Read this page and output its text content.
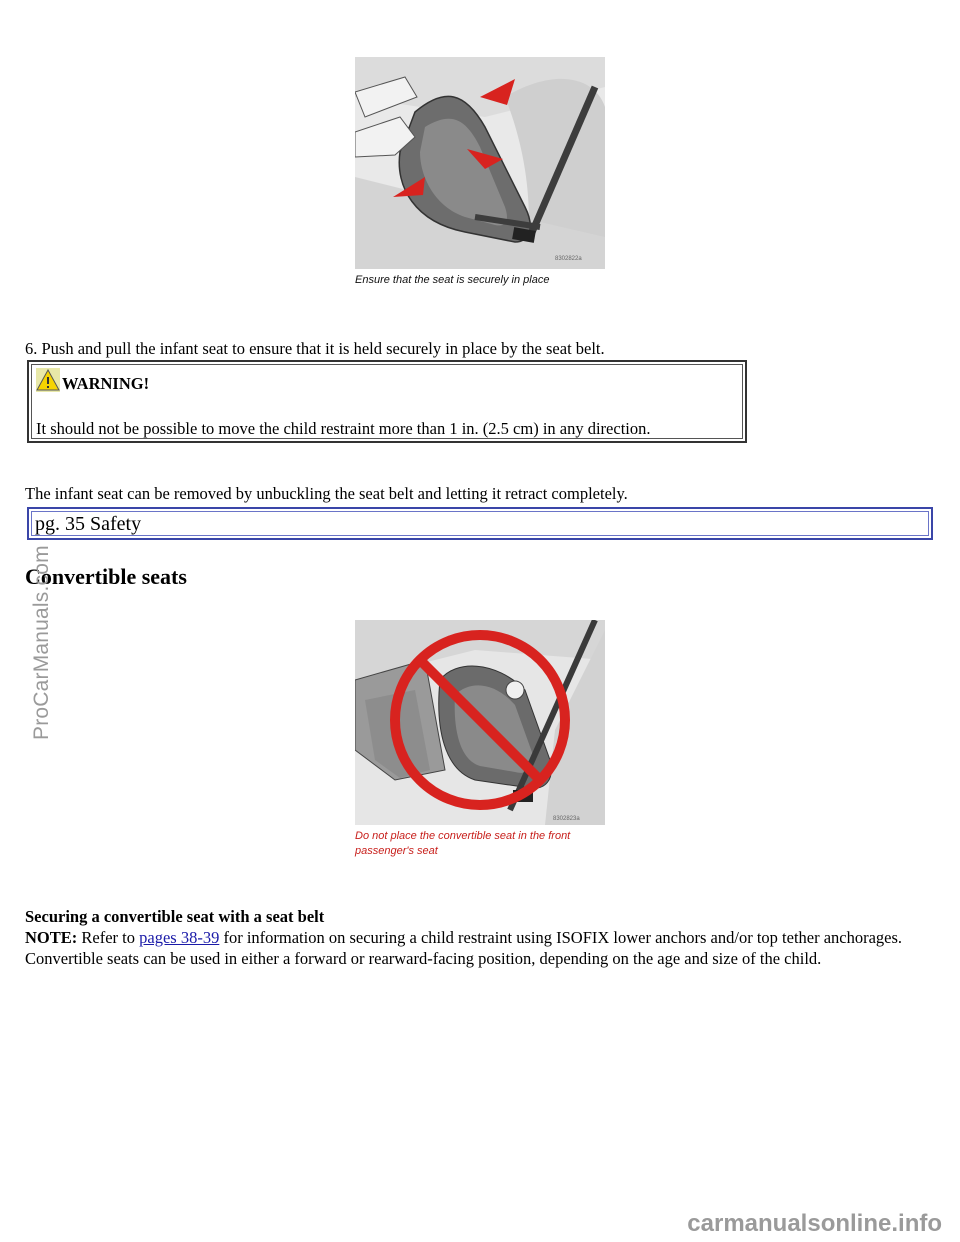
8302822a
Ensure that the seat is securely in place

6. Push and pull the infant seat to ensure that it is held securely in place by the seat belt.

WARNING!
It should not be possible to move the child restraint more than 1 in. (2.5 cm) in any direction.

The infant seat can be removed by unbuckling the seat belt and letting it retract completely.

pg. 35 Safety
Convertible seats
8302823a
Do not place the convertible seat in the front
passenger's seat

Securing a convertible seat with a seat belt
NOTE: Refer to pages 38-39 for information on securing a child restraint using ISOFIX lower anchors and/or top tether anchorages. Convertible seats can be used in either a forward or rearward-facing position, depending on the age and size of the child.

ProCarManuals.com
carmanualsonline.info
